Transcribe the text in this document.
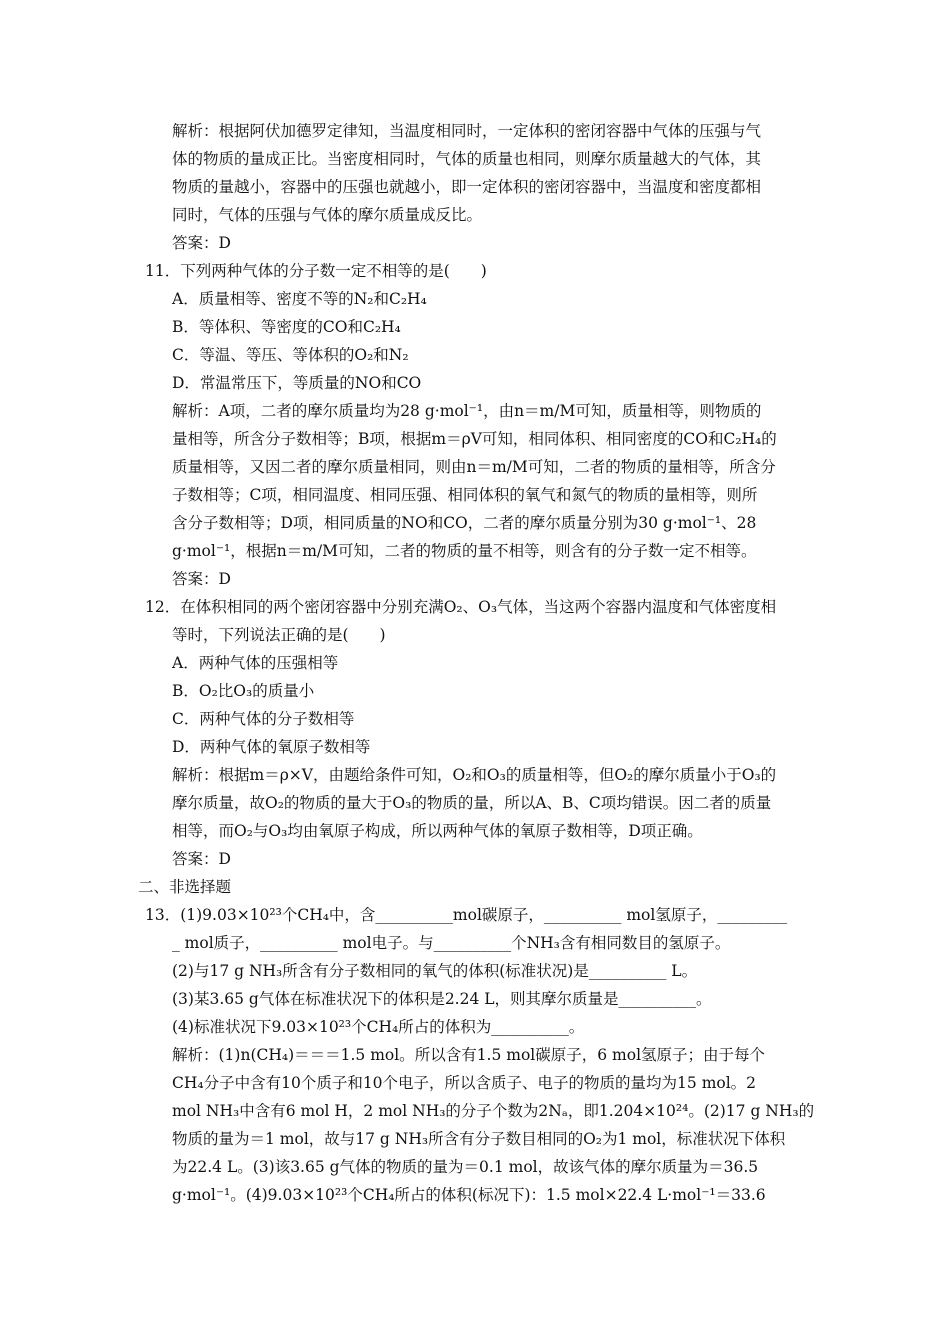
解析：根据阿伏加德罗定律知，当温度相同时，一定体积的密闭容器中气体的压强与气
体的物质的量成正比。当密度相同时，气体的质量也相同，则摩尔质量越大的气体，其
物质的量越小，容器中的压强也就越小，即一定体积的密闭容器中，当温度和密度都相
同时，气体的压强与气体的摩尔质量成反比。
答案：D
11．下列两种气体的分子数一定不相等的是(　　)
A．质量相等、密度不等的N₂和C₂H₄
B．等体积、等密度的CO和C₂H₄
C．等温、等压、等体积的O₂和N₂
D．常温常压下，等质量的NO和CO
解析：A项，二者的摩尔质量均为28 g·mol⁻¹，由n＝m/M可知，质量相等，则物质的
量相等，所含分子数相等；B项，根据m＝ρV可知，相同体积、相同密度的CO和C₂H₄的
质量相等，又因二者的摩尔质量相同，则由n＝m/M可知，二者的物质的量相等，所含分
子数相等；C项，相同温度、相同压强、相同体积的氧气和氮气的物质的量相等，则所
含分子数相等；D项，相同质量的NO和CO，二者的摩尔质量分别为30 g·mol⁻¹、28
g·mol⁻¹，根据n＝m/M可知，二者的物质的量不相等，则含有的分子数一定不相等。
答案：D
12．在体积相同的两个密闭容器中分别充满O₂、O₃气体，当这两个容器内温度和气体密度相
等时，下列说法正确的是(　　)
A．两种气体的压强相等
B．O₂比O₃的质量小
C．两种气体的分子数相等
D．两种气体的氧原子数相等
解析：根据m＝ρ×V，由题给条件可知，O₂和O₃的质量相等，但O₂的摩尔质量小于O₃的
摩尔质量，故O₂的物质的量大于O₃的物质的量，所以A、B、C项均错误。因二者的质量
相等，而O₂与O₃均由氧原子构成，所以两种气体的氧原子数相等，D项正确。
答案：D
二、非选择题
13．(1)9.03×10²³个CH₄中，含__________mol碳原子，__________ mol氢原子，_________
_ mol质子，__________ mol电子。与__________个NH₃含有相同数目的氢原子。
(2)与17 g NH₃所含有分子数相同的氧气的体积(标准状况)是__________ L。
(3)某3.65 g气体在标准状况下的体积是2.24 L，则其摩尔质量是__________。
(4)标准状况下9.03×10²³个CH₄所占的体积为__________。
解析：(1)n(CH₄)＝＝＝1.5 mol。所以含有1.5 mol碳原子，6 mol氢原子；由于每个
CH₄分子中含有10个质子和10个电子，所以含质子、电子的物质的量均为15 mol。2
mol NH₃中含有6 mol H，2 mol NH₃的分子个数为2Nₐ，即1.204×10²⁴。(2)17 g NH₃的
物质的量为＝1 mol，故与17 g NH₃所含有分子数目相同的O₂为1 mol，标准状况下体积
为22.4 L。(3)该3.65 g气体的物质的量为＝0.1 mol，故该气体的摩尔质量为＝36.5
g·mol⁻¹。(4)9.03×10²³个CH₄所占的体积(标况下)：1.5 mol×22.4 L·mol⁻¹＝33.6
